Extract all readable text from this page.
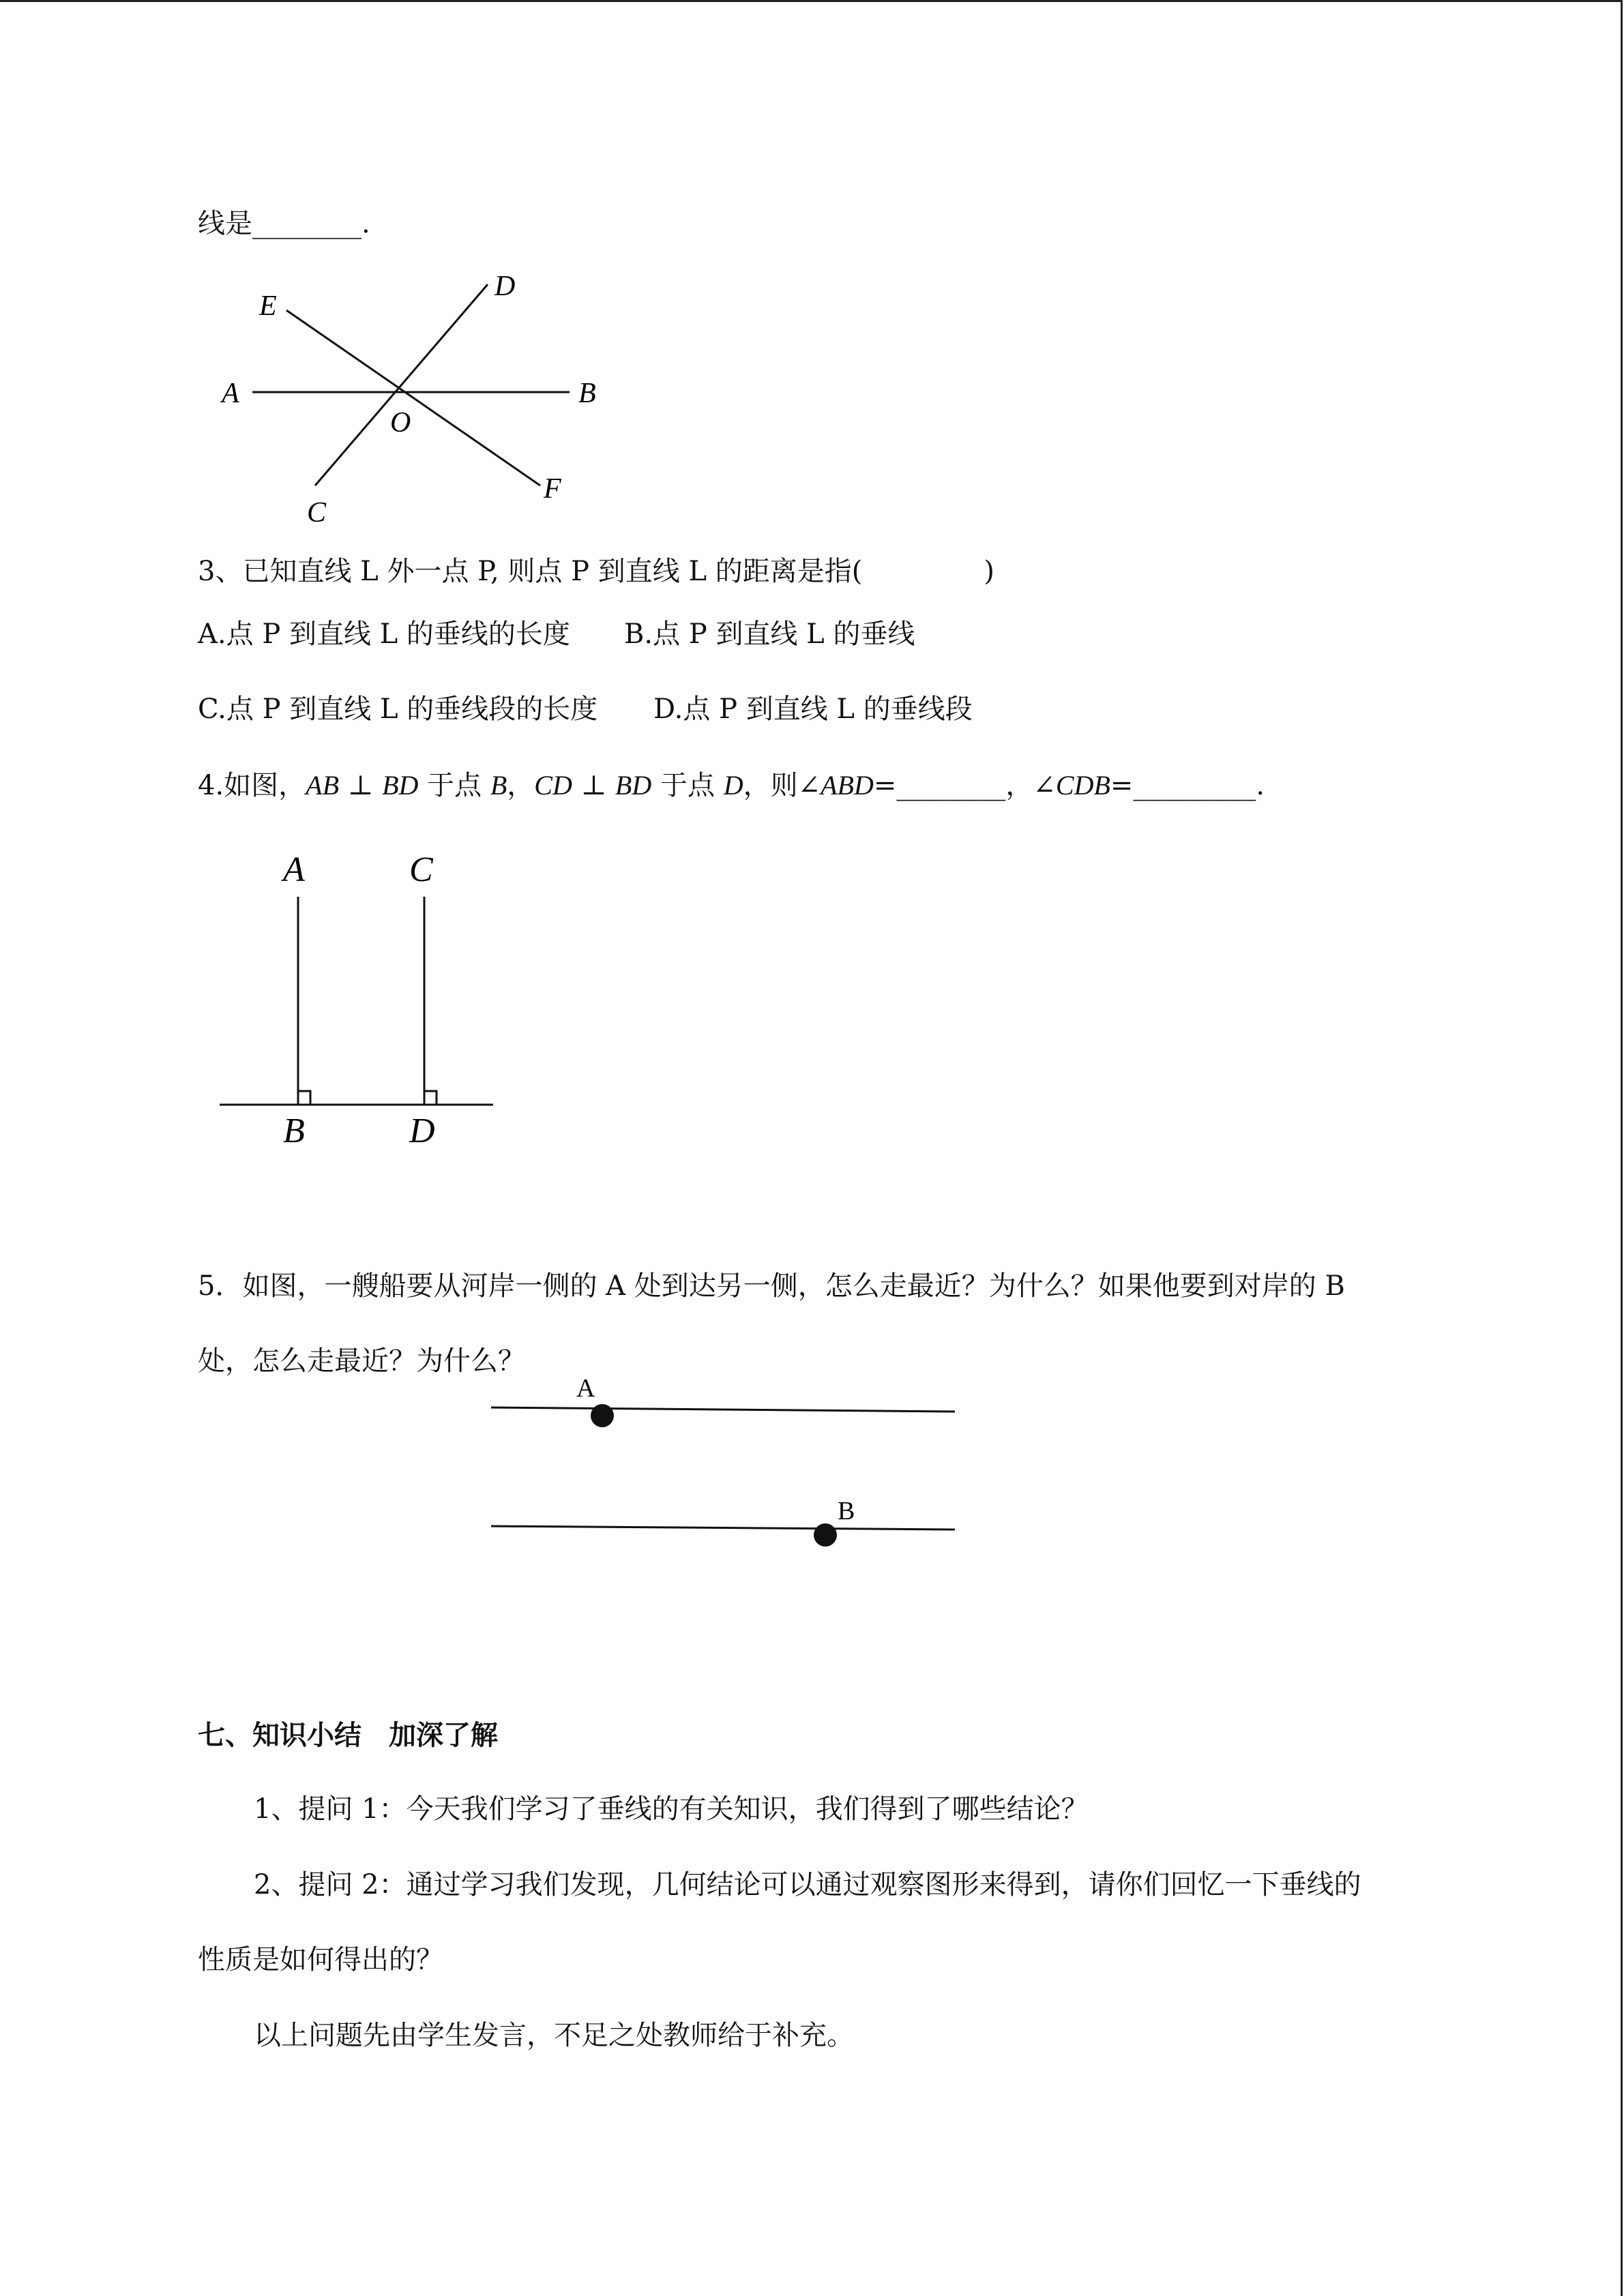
线是________.
E
D
A	B
O
C
F
3、已知直线 L 外一点 P, 则点 P 到直线 L 的距离是指(              )
A.点 P 到直线 L 的垂线的长度 B.点 P 到直线 L 的垂线
C.点 P 到直线 L 的垂线段的长度 D.点 P 到直线 L 的垂线段
4.如图，AB ⊥ BD 于点 B，CD ⊥ BD 于点 D，则∠ABD=________，∠CDB=_________.
A	C
B	D
5．如图，一艘船要从河岸一侧的 A 处到达另一侧，怎么走最近？为什么？如果他要到对岸的 B
处，怎么走最近？为什么？
A
B
七、知识小结　加深了解
1、提问 1：今天我们学习了垂线的有关知识，我们得到了哪些结论？
2、提问 2：通过学习我们发现，几何结论可以通过观察图形来得到，请你们回忆一下垂线的
性质是如何得出的？
以上问题先由学生发言，不足之处教师给于补充。
